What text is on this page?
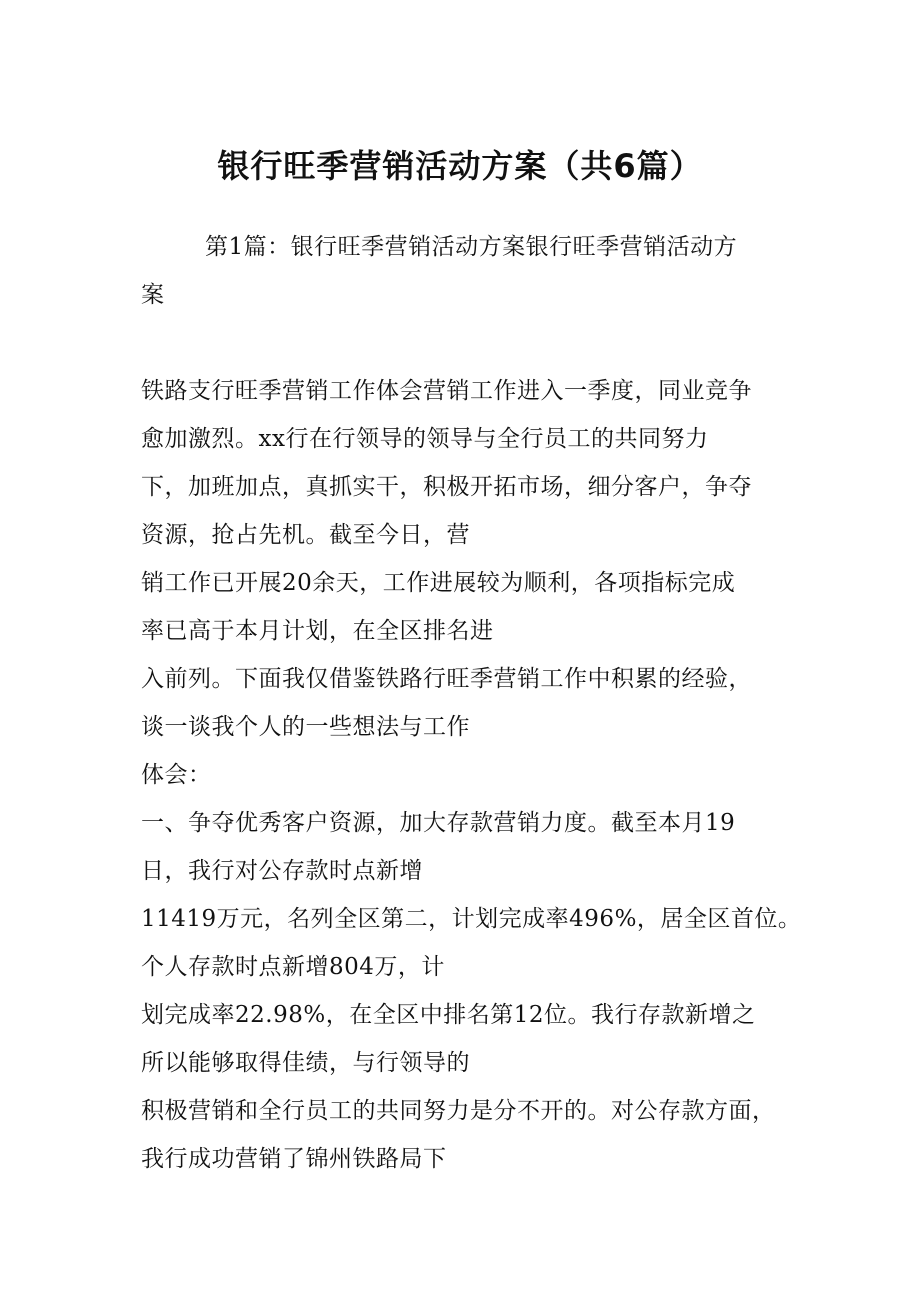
银行旺季营销活动方案（共6篇）
第1篇：银行旺季营销活动方案银行旺季营销活动方
案
铁路支行旺季营销工作体会营销工作进入一季度，同业竞争
愈加激烈。xx行在行领导的领导与全行员工的共同努力
下，加班加点，真抓实干，积极开拓市场，细分客户，争夺
资源，抢占先机。截至今日，营
销工作已开展20余天，工作进展较为顺利，各项指标完成
率已高于本月计划，在全区排名进
入前列。下面我仅借鉴铁路行旺季营销工作中积累的经验，
谈一谈我个人的一些想法与工作
体会：
一、争夺优秀客户资源，加大存款营销力度。截至本月19
日，我行对公存款时点新增
11419万元，名列全区第二，计划完成率496%，居全区首位。
个人存款时点新增804万，计
划完成率22.98%，在全区中排名第12位。我行存款新增之
所以能够取得佳绩，与行领导的
积极营销和全行员工的共同努力是分不开的。对公存款方面，
我行成功营销了锦州铁路局下
